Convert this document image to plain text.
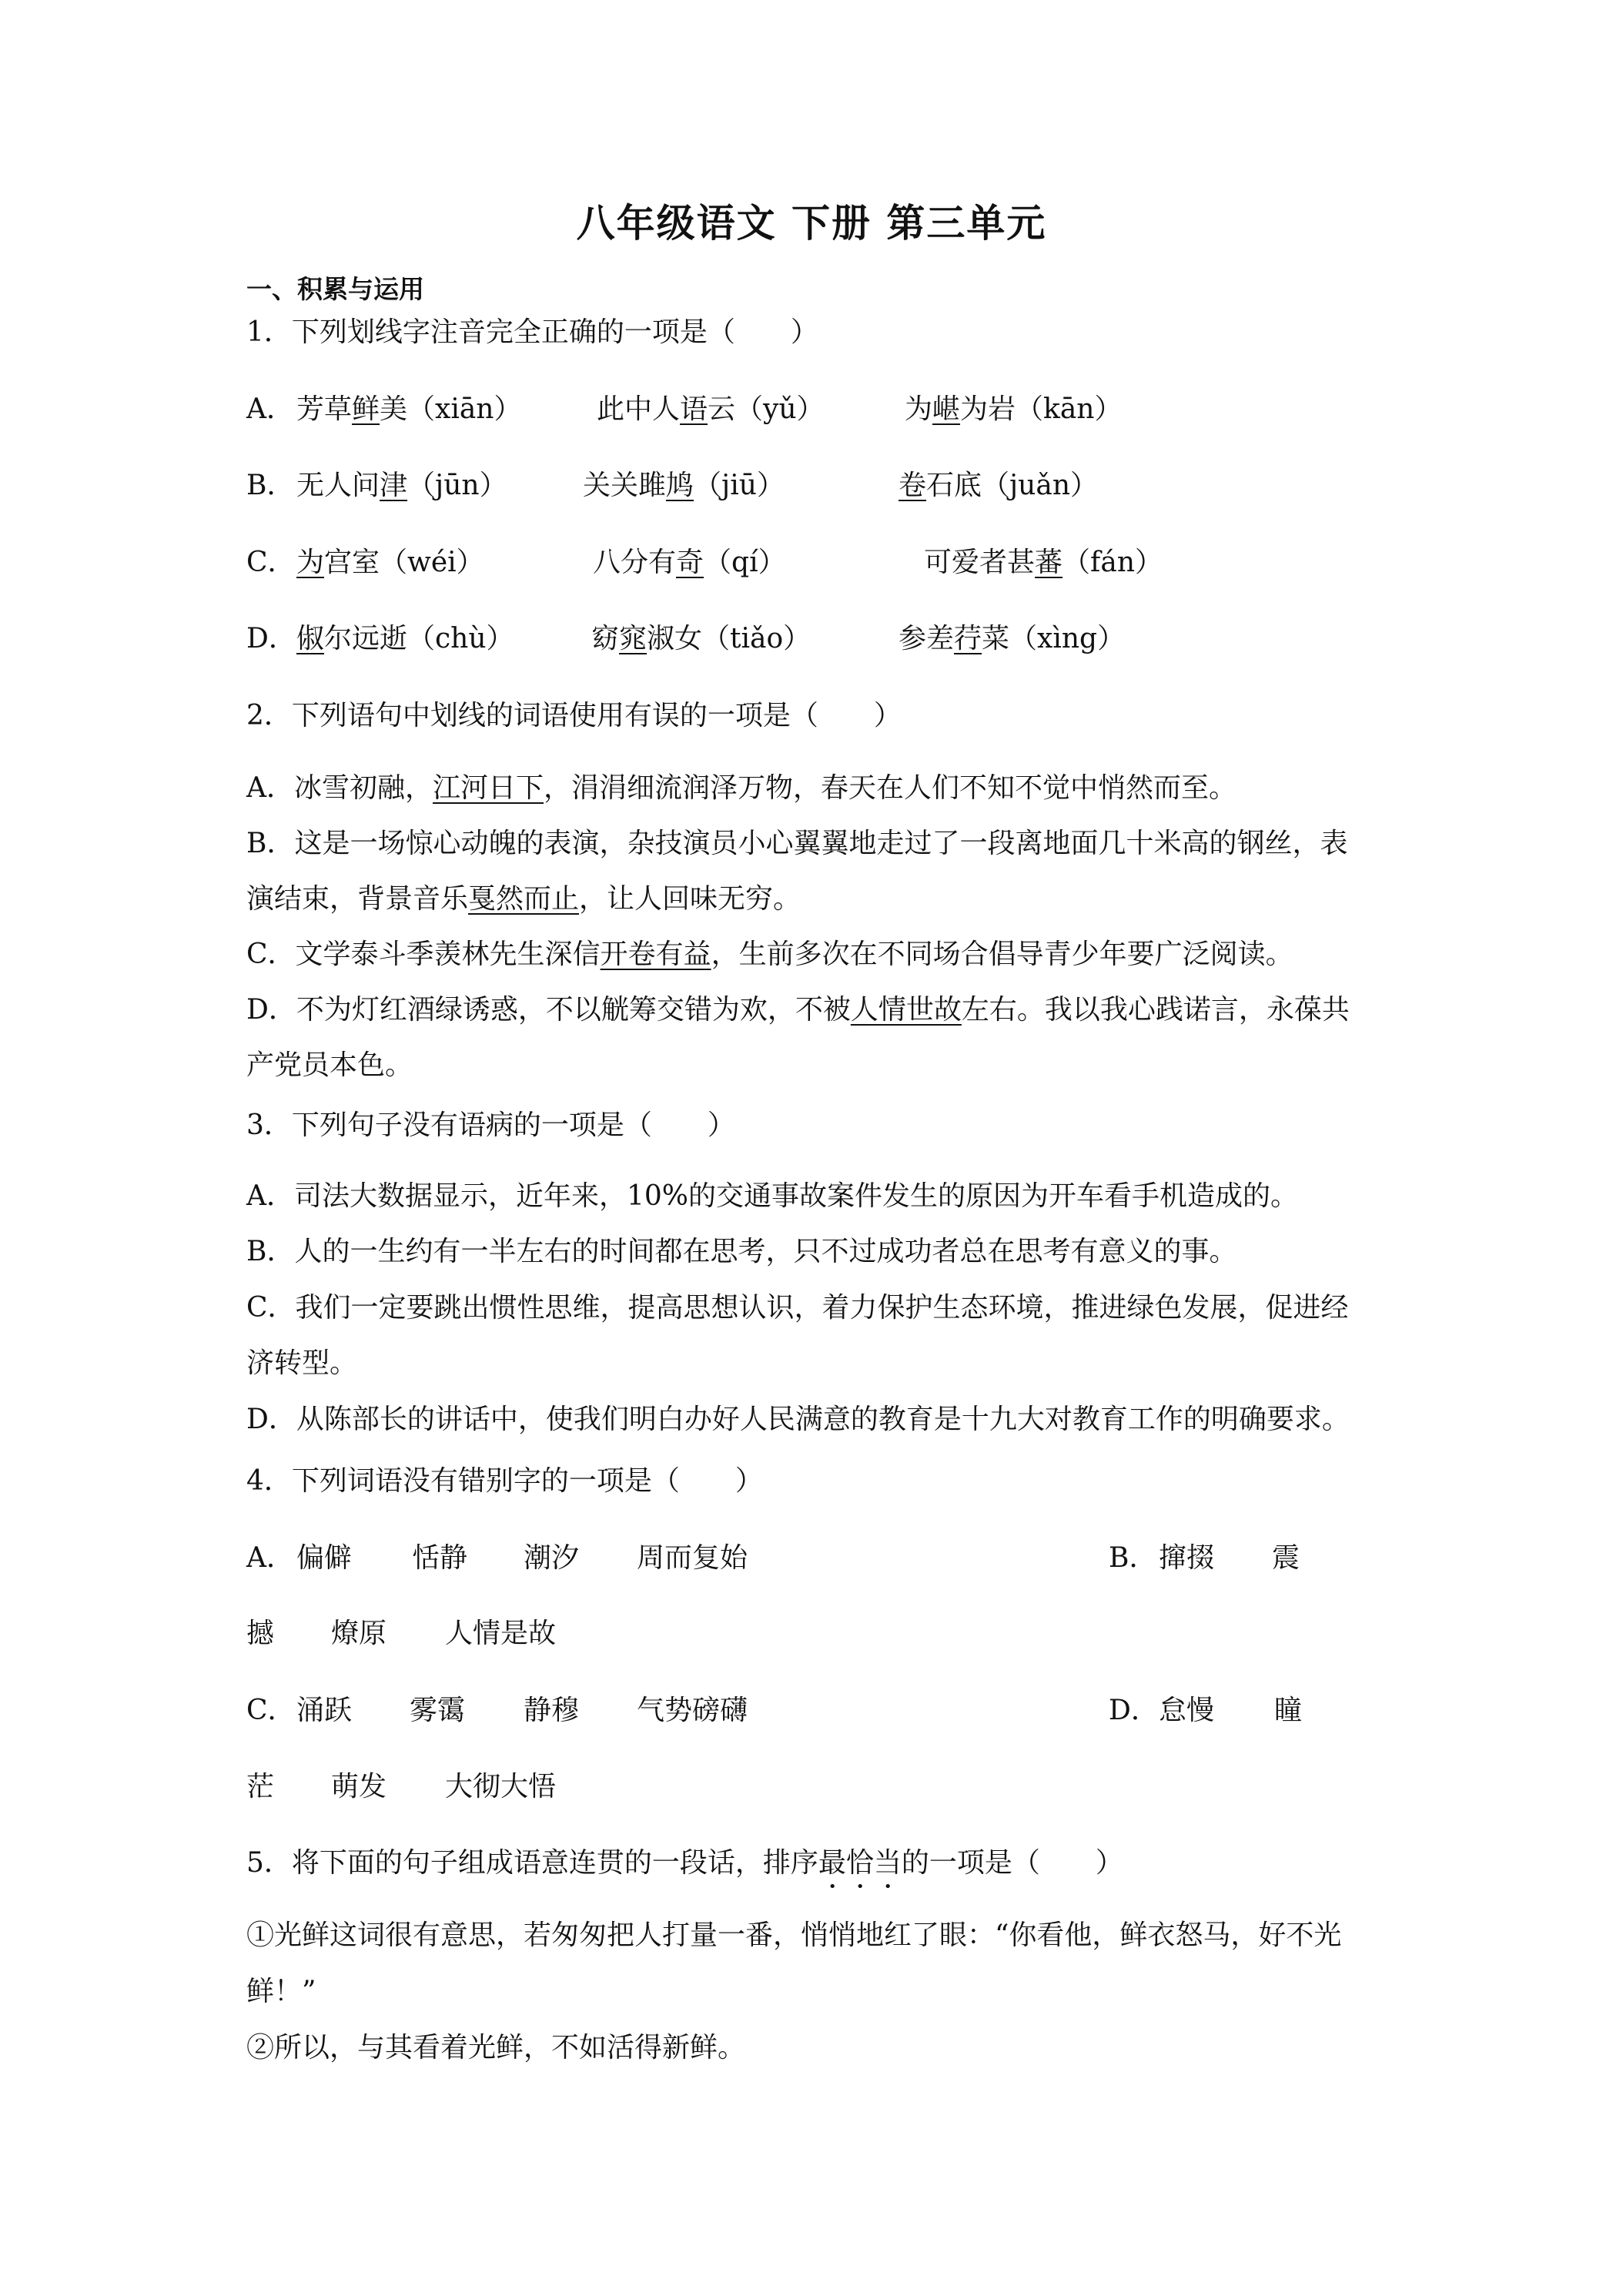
八年级语文 下册 第三单元
一、积累与运用
1．下列划线字注音完全正确的一项是（　　）
A． 芳草鲜美（xiān）	此中人语云（yǔ）	为嵁为岩（kān）
B． 无人问津（jūn）	关关雎鸠（jiū）	卷石底（juǎn）
C． 为宫室（wéi）	八分有奇（qí）	可爱者甚蕃（fán）
D． 俶尔远逝（chù）	窈窕淑女（tiǎo）	参差荇菜（xìng）
2．下列语句中划线的词语使用有误的一项是（　　）
A．冰雪初融，江河日下，涓涓细流润泽万物，春天在人们不知不觉中悄然而至。
B．这是一场惊心动魄的表演，杂技演员小心翼翼地走过了一段离地面几十米高的钢丝，表
演结束，背景音乐戛然而止，让人回味无穷。
C．文学泰斗季羡林先生深信开卷有益，生前多次在不同场合倡导青少年要广泛阅读。
D．不为灯红酒绿诱惑，不以觥筹交错为欢，不被人情世故左右。我以我心践诺言，永葆共
产党员本色。
3．下列句子没有语病的一项是（　　）
A．司法大数据显示，近年来，10%的交通事故案件发生的原因为开车看手机造成的。
B．人的一生约有一半左右的时间都在思考，只不过成功者总在思考有意义的事。
C．我们一定要跳出惯性思维，提高思想认识，着力保护生态环境，推进绿色发展，促进经
济转型。
D．从陈部长的讲话中，使我们明白办好人民满意的教育是十九大对教育工作的明确要求。
4．下列词语没有错别字的一项是（　　）
A． 偏僻 恬静 潮汐 周而复始	B． 撺掇 震
撼 燎原 人情是故
C． 涌跃 雾霭 静穆 气势磅礴	D． 怠慢 瞳
茫 萌发 大彻大悟
5．将下面的句子组成语意连贯的一段话，排序最恰当的一项是（　　）
①光鲜这词很有意思，若匆匆把人打量一番，悄悄地红了眼：“你看他，鲜衣怒马，好不光
鲜！”
②所以，与其看着光鲜，不如活得新鲜。
